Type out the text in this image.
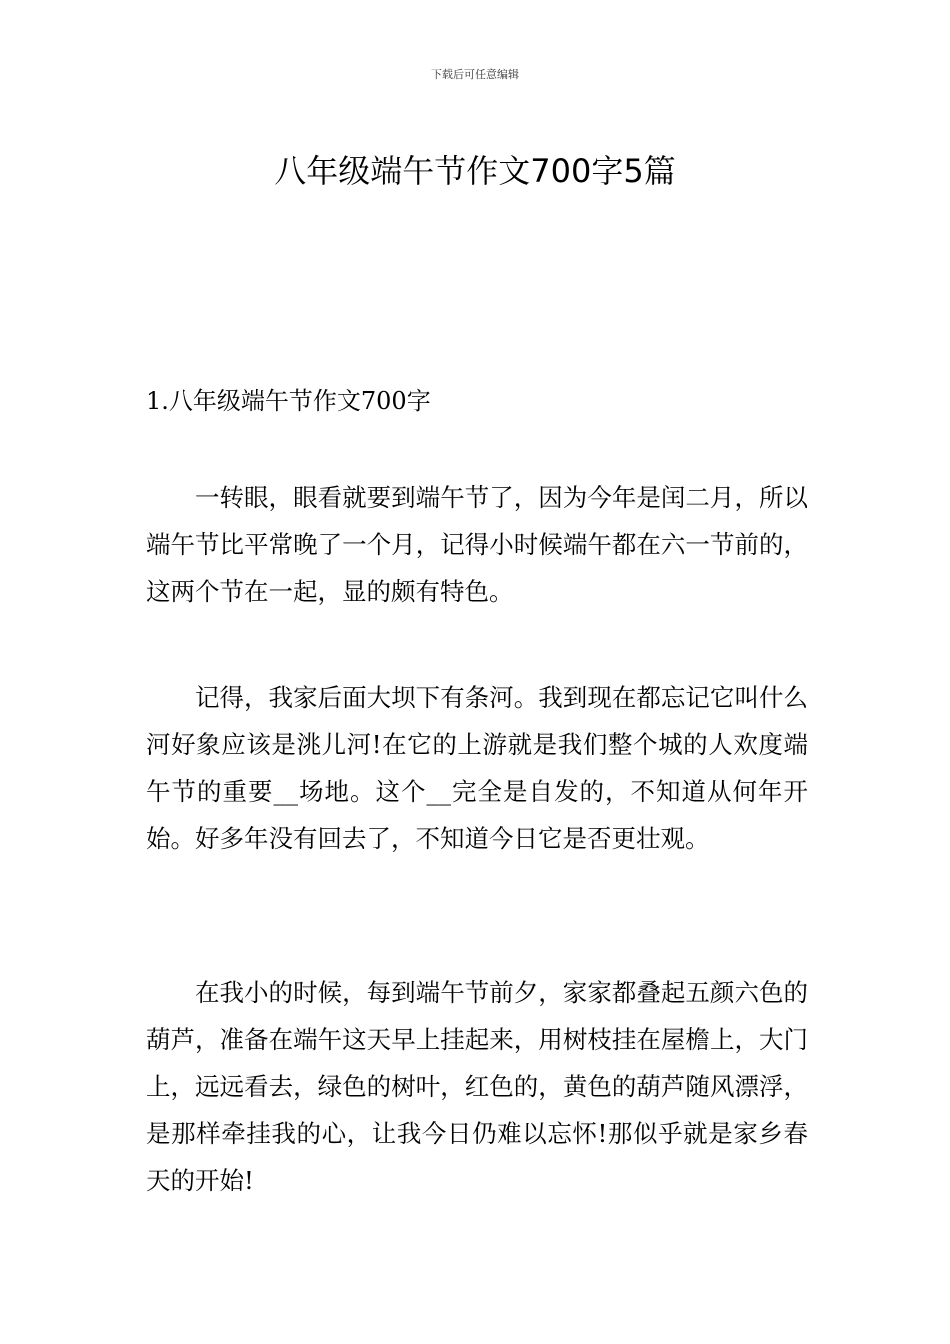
下载后可任意编辑
八年级端午节作文700字5篇
1.八年级端午节作文700字

一转眼，眼看就要到端午节了，因为今年是闰二月，所以端午节比平常晚了一个月，记得小时候端午都在六一节前的，这两个节在一起，显的颇有特色。

记得，我家后面大坝下有条河。我到现在都忘记它叫什么河好象应该是洮儿河!在它的上游就是我们整个城的人欢度端午节的重要__场地。这个__完全是自发的，不知道从何年开始。好多年没有回去了，不知道今日它是否更壮观。

在我小的时候，每到端午节前夕，家家都叠起五颜六色的葫芦，准备在端午这天早上挂起来，用树枝挂在屋檐上，大门上，远远看去，绿色的树叶，红色的，黄色的葫芦随风漂浮，是那样牵挂我的心，让我今日仍难以忘怀!那似乎就是家乡春天的开始!
